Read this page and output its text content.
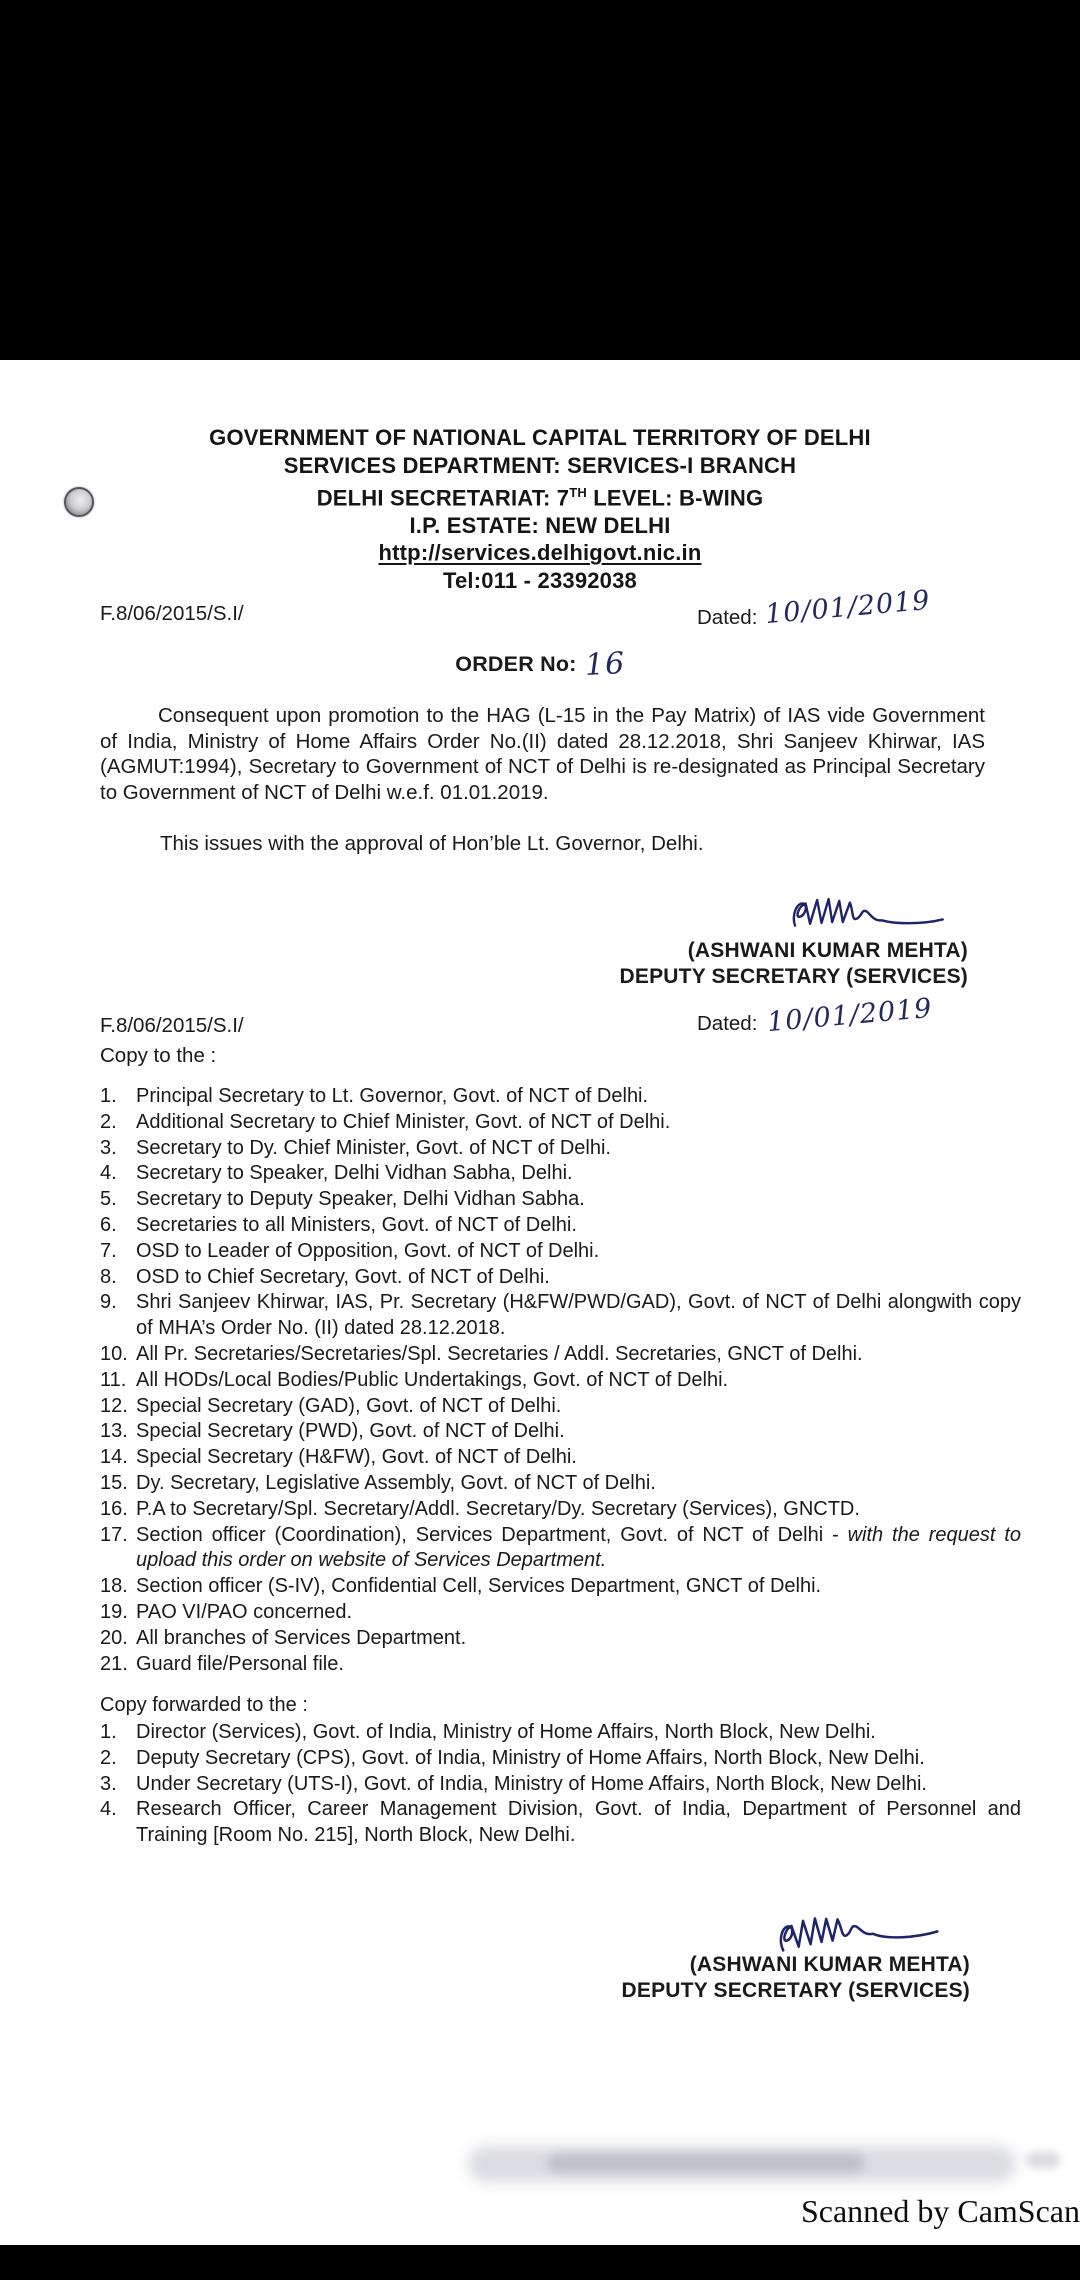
GOVERNMENT OF NATIONAL CAPITAL TERRITORY OF DELHI
SERVICES DEPARTMENT: SERVICES-I BRANCH
DELHI SECRETARIAT: 7TH LEVEL: B-WING
I.P. ESTATE: NEW DELHI
http://services.delhigovt.nic.in
Tel:011 - 23392038
F.8/06/2015/S.I/	Dated: 10/01/2019
ORDER No: 16
Consequent upon promotion to the HAG (L-15 in the Pay Matrix) of IAS vide Government of India, Ministry of Home Affairs Order No.(II) dated 28.12.2018, Shri Sanjeev Khirwar, IAS (AGMUT:1994), Secretary to Government of NCT of Delhi is re-designated as Principal Secretary to Government of NCT of Delhi w.e.f. 01.01.2019.
This issues with the approval of Hon’ble Lt. Governor, Delhi.
(ASHWANI KUMAR MEHTA)
DEPUTY SECRETARY (SERVICES)
F.8/06/2015/S.I/
Copy to the :
Dated: 10/01/2019
Principal Secretary to Lt. Governor, Govt. of NCT of Delhi.
Additional Secretary to Chief Minister, Govt. of NCT of Delhi.
Secretary to Dy. Chief Minister, Govt. of NCT of Delhi.
Secretary to Speaker, Delhi Vidhan Sabha, Delhi.
Secretary to Deputy Speaker, Delhi Vidhan Sabha.
Secretaries to all Ministers, Govt. of NCT of Delhi.
OSD to Leader of Opposition, Govt. of NCT of Delhi.
OSD to Chief Secretary, Govt. of NCT of Delhi.
Shri Sanjeev Khirwar, IAS, Pr. Secretary (H&FW/PWD/GAD), Govt. of NCT of Delhi alongwith copy of MHA’s Order No. (II) dated 28.12.2018.
All Pr. Secretaries/Secretaries/Spl. Secretaries / Addl. Secretaries, GNCT of Delhi.
All HODs/Local Bodies/Public Undertakings, Govt. of NCT of Delhi.
Special Secretary (GAD), Govt. of NCT of Delhi.
Special Secretary (PWD), Govt. of NCT of Delhi.
Special Secretary (H&FW), Govt. of NCT of Delhi.
Dy. Secretary, Legislative Assembly, Govt. of NCT of Delhi.
P.A to Secretary/Spl. Secretary/Addl. Secretary/Dy. Secretary (Services), GNCTD.
Section officer (Coordination), Services Department, Govt. of NCT of Delhi - with the request to upload this order on website of Services Department.
Section officer (S-IV), Confidential Cell, Services Department, GNCT of Delhi.
PAO VI/PAO concerned.
All branches of Services Department.
Guard file/Personal file.
Copy forwarded to the :
Director (Services), Govt. of India, Ministry of Home Affairs, North Block, New Delhi.
Deputy Secretary (CPS), Govt. of India, Ministry of Home Affairs, North Block, New Delhi.
Under Secretary (UTS-I), Govt. of India, Ministry of Home Affairs, North Block, New Delhi.
Research Officer, Career Management Division, Govt. of India, Department of Personnel and Training [Room No. 215], North Block, New Delhi.
(ASHWANI KUMAR MEHTA)
DEPUTY SECRETARY (SERVICES)
Scanned by CamScan
